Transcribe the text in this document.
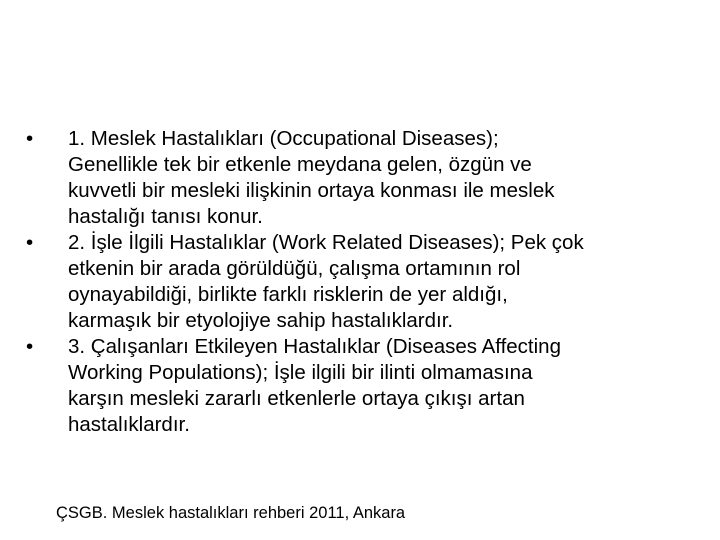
•	1. Meslek Hastalıkları (Occupational Diseases);
Genellikle tek bir etkenle meydana gelen, özgün ve
kuvvetli bir mesleki ilişkinin ortaya konması ile meslek
hastalığı tanısı konur.
•	2. İşle İlgili Hastalıklar (Work Related Diseases); Pek çok
etkenin bir arada görüldüğü, çalışma ortamının rol
oynayabildiği, birlikte farklı risklerin de yer aldığı,
karmaşık bir etyolojiye sahip hastalıklardır.
•	3. Çalışanları Etkileyen Hastalıklar (Diseases Affecting
Working Populations); İşle ilgili bir ilinti olmamasına
karşın mesleki zararlı etkenlerle ortaya çıkışı artan
hastalıklardır.
ÇSGB. Meslek hastalıkları rehberi 2011, Ankara
